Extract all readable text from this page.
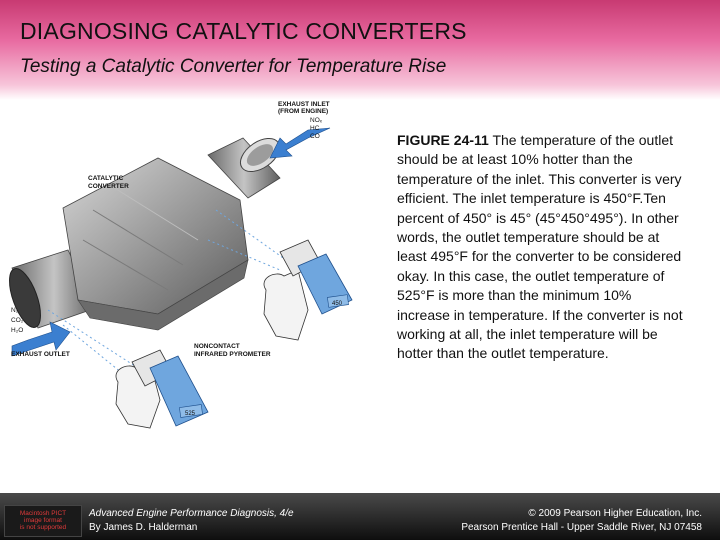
DIAGNOSING CATALYTIC CONVERTERS
Testing a Catalytic Converter for Temperature Rise
EXHAUST INLET
(FROM ENGINE)
NOₓ
HC
CO
CATALYTIC
CONVERTER
N₂
CO₂
H₂O
EXHAUST OUTLET
NONCONTACT
INFRARED PYROMETER
450
525
FIGURE 24-11 The temperature of the outlet should be at least 10% hotter than the temperature of the inlet. This converter is very efficient. The inlet temperature is 450°F.Ten percent of 450° is 45° (45°450°495°). In other words, the outlet temperature should be at least 495°F for the converter to be considered okay. In this case, the outlet temperature of 525°F is more than the minimum 10% increase in temperature. If the converter is not working at all, the inlet temperature will be hotter than the outlet temperature.
Macintosh PICT
image format
is not supported
Advanced Engine Performance Diagnosis, 4/e
By James D. Halderman
© 2009 Pearson Higher Education, Inc.
Pearson Prentice Hall - Upper Saddle River, NJ 07458
